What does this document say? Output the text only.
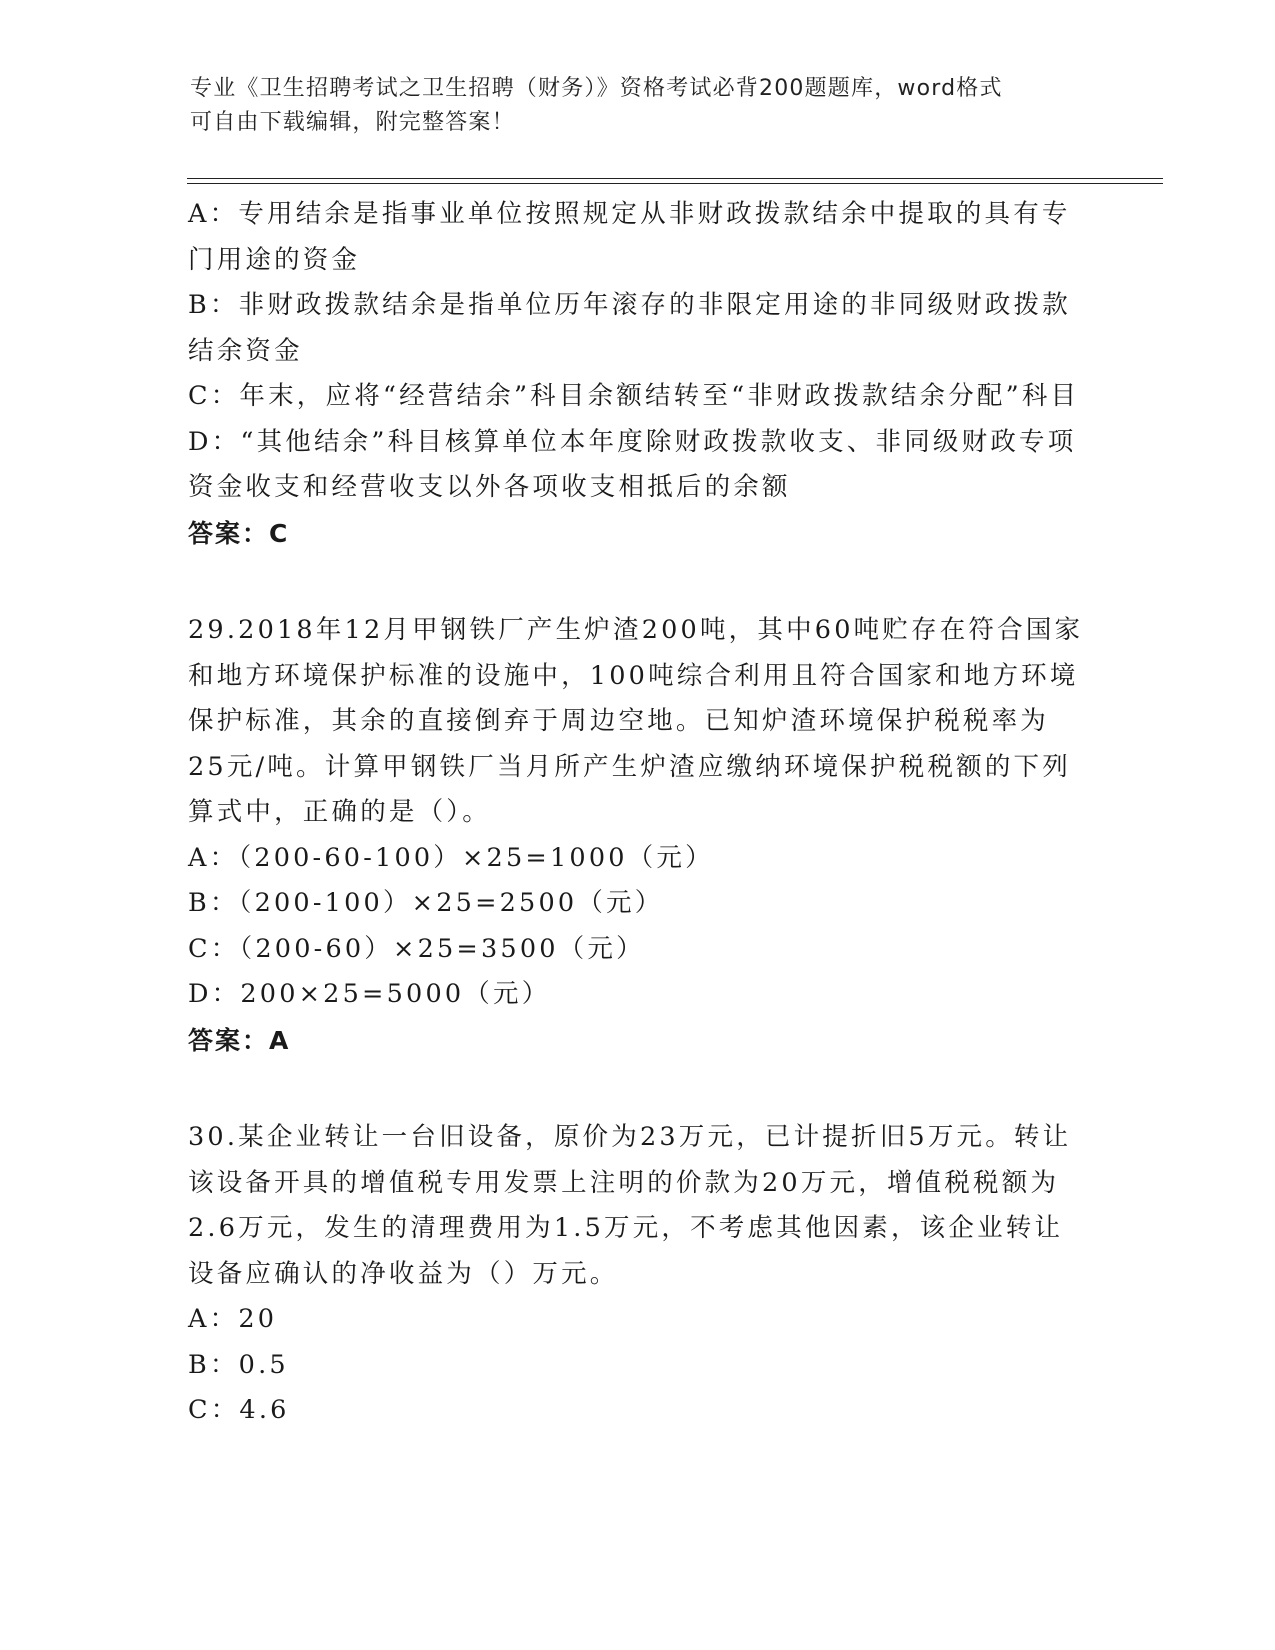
专业《卫生招聘考试之卫生招聘（财务）》资格考试必背200题题库，word格式
可自由下载编辑，附完整答案！

A：专用结余是指事业单位按照规定从非财政拨款结余中提取的具有专门用途的资金

B：非财政拨款结余是指单位历年滚存的非限定用途的非同级财政拨款结余资金

C：年末，应将“经营结余”科目余额结转至“非财政拨款结余分配”科目

D：“其他结余”科目核算单位本年度除财政拨款收支、非同级财政专项资金收支和经营收支以外各项收支相抵后的余额

答案：C

29.2018年12月甲钢铁厂产生炉渣200吨，其中60吨贮存在符合国家和地方环境保护标准的设施中，100吨综合利用且符合国家和地方环境保护标准，其余的直接倒弃于周边空地。已知炉渣环境保护税税率为25元/吨。计算甲钢铁厂当月所产生炉渣应缴纳环境保护税税额的下列算式中，正确的是（）。

A：（200-60-100）×25=1000（元）

B：（200-100）×25=2500（元）

C：（200-60）×25=3500（元）

D：200×25=5000（元）

答案：A

30.某企业转让一台旧设备，原价为23万元，已计提折旧5万元。转让该设备开具的增值税专用发票上注明的价款为20万元，增值税税额为2.6万元，发生的清理费用为1.5万元，不考虑其他因素，该企业转让设备应确认的净收益为（）万元。

A：20

B：0.5

C：4.6
